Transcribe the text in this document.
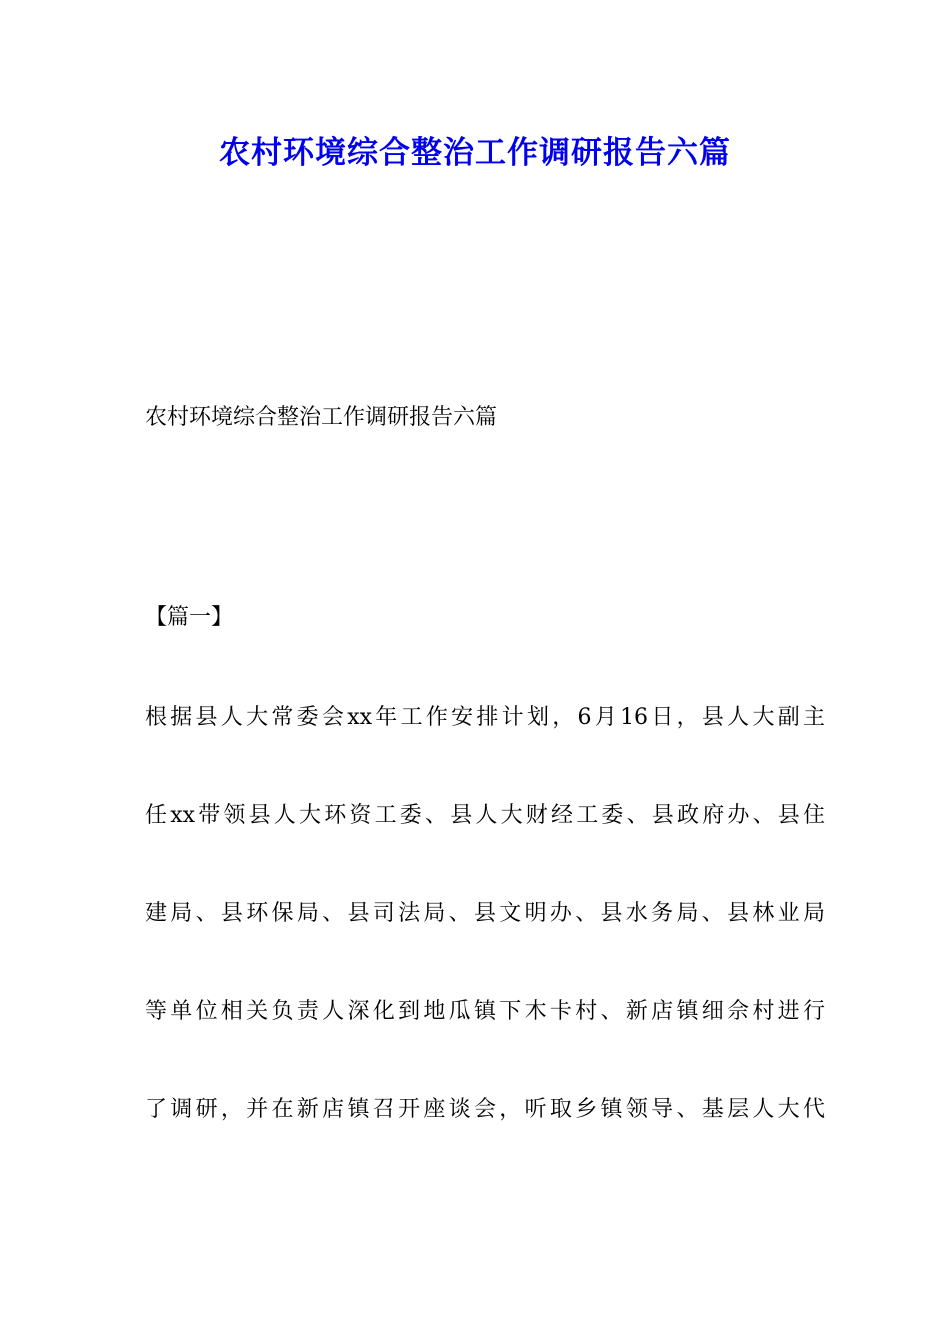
农村环境综合整治工作调研报告六篇
农村环境综合整治工作调研报告六篇
【篇一】
根据县人大常委会xx年工作安排计划，6月16日，县人大副主
任xx带领县人大环资工委、县人大财经工委、县政府办、县住
建局、县环保局、县司法局、县文明办、县水务局、县林业局
等单位相关负责人深化到地瓜镇下木卡村、新店镇细佘村进行
了调研，并在新店镇召开座谈会，听取乡镇领导、基层人大代
